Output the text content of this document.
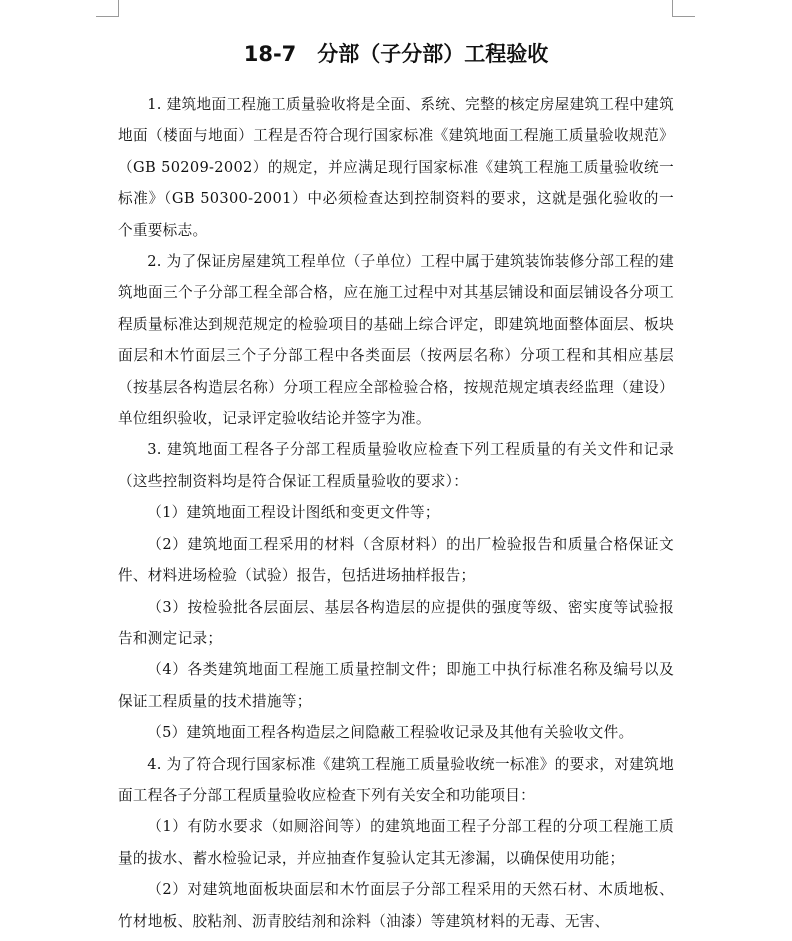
18-7　分部（子分部）工程验收

1. 建筑地面工程施工质量验收将是全面、系统、完整的核定房屋建筑工程中建筑地面（楼面与地面）工程是否符合现行国家标准《建筑地面工程施工质量验收规范》（GB 50209-2002）的规定，并应满足现行国家标准《建筑工程施工质量验收统一标准》（GB 50300-2001）中必须检查达到控制资料的要求，这就是强化验收的一个重要标志。

2. 为了保证房屋建筑工程单位（子单位）工程中属于建筑装饰装修分部工程的建筑地面三个子分部工程全部合格，应在施工过程中对其基层铺设和面层铺设各分项工程质量标准达到规范规定的检验项目的基础上综合评定，即建筑地面整体面层、板块面层和木竹面层三个子分部工程中各类面层（按两层名称）分项工程和其相应基层（按基层各构造层名称）分项工程应全部检验合格，按规范规定填表经监理（建设）单位组织验收，记录评定验收结论并签字为准。

3. 建筑地面工程各子分部工程质量验收应检查下列工程质量的有关文件和记录（这些控制资料均是符合保证工程质量验收的要求）：

（1）建筑地面工程设计图纸和变更文件等；

（2）建筑地面工程采用的材料（含原材料）的出厂检验报告和质量合格保证文件、材料进场检验（试验）报告，包括进场抽样报告；

（3）按检验批各层面层、基层各构造层的应提供的强度等级、密实度等试验报告和测定记录；

（4）各类建筑地面工程施工质量控制文件；即施工中执行标准名称及编号以及保证工程质量的技术措施等；

（5）建筑地面工程各构造层之间隐蔽工程验收记录及其他有关验收文件。

4. 为了符合现行国家标准《建筑工程施工质量验收统一标准》的要求，对建筑地面工程各子分部工程质量验收应检查下列有关安全和功能项目：

（1）有防水要求（如厕浴间等）的建筑地面工程子分部工程的分项工程施工质量的拔水、蓄水检验记录，并应抽查作复验认定其无渗漏，以确保使用功能；

（2）对建筑地面板块面层和木竹面层子分部工程采用的天然石材、木质地板、竹材地板、胶粘剂、沥青胶结剂和涂料（油漆）等建筑材料的无毒、无害、
